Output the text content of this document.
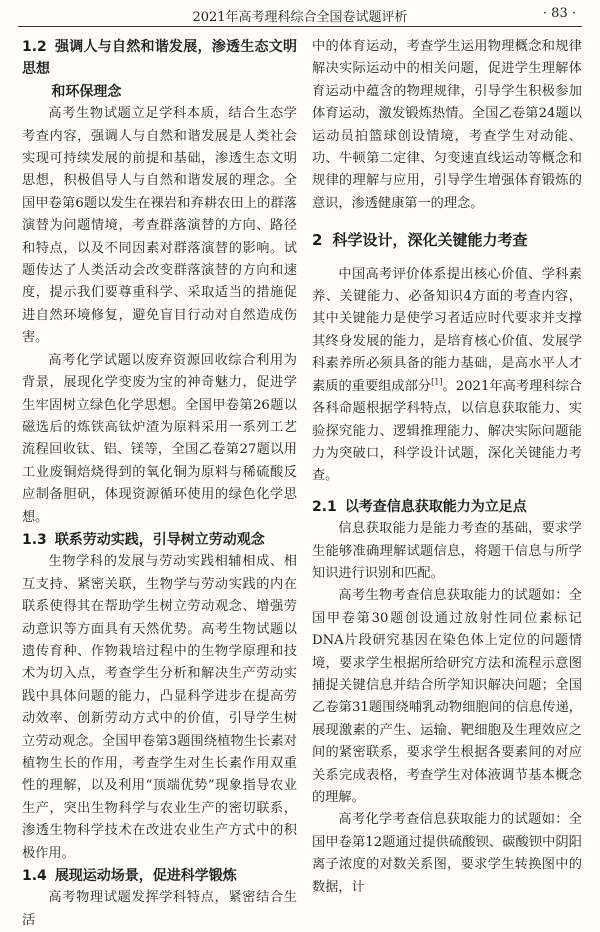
2021年高考理科综合全国卷试题评析	· 83 ·
1.2 强调人与自然和谐发展，渗透生态文明思想
和环保理念

高考生物试题立足学科本质，结合生态学考查内容，强调人与自然和谐发展是人类社会实现可持续发展的前提和基础，渗透生态文明思想，积极倡导人与自然和谐发展的理念。全国甲卷第6题以发生在裸岩和弃耕农田上的群落演替为问题情境，考查群落演替的方向、路径和特点，以及不同因素对群落演替的影响。试题传达了人类活动会改变群落演替的方向和速度，提示我们要尊重科学、采取适当的措施促进自然环境修复，避免盲目行动对自然造成伤害。

高考化学试题以废弃资源回收综合利用为背景，展现化学变废为宝的神奇魅力，促进学生牢固树立绿色化学思想。全国甲卷第26题以磁选后的炼铁高钛炉渣为原料采用一系列工艺流程回收钛、铝、镁等，全国乙卷第27题以用工业废铜焙烧得到的氧化铜为原料与稀硫酸反应制备胆矾，体现资源循环使用的绿色化学思想。

1.3 联系劳动实践，引导树立劳动观念

生物学科的发展与劳动实践相辅相成、相互支持、紧密关联，生物学与劳动实践的内在联系使得其在帮助学生树立劳动观念、增强劳动意识等方面具有天然优势。高考生物试题以遗传育种、作物栽培过程中的生物学原理和技术为切入点，考查学生分析和解决生产劳动实践中具体问题的能力，凸显科学进步在提高劳动效率、创新劳动方式中的价值，引导学生树立劳动观念。全国甲卷第3题围绕植物生长素对植物生长的作用，考查学生对生长素作用双重性的理解，以及利用“顶端优势”现象指导农业生产，突出生物科学与农业生产的密切联系，渗透生物科学技术在改进农业生产方式中的积极作用。

1.4 展现运动场景，促进科学锻炼

高考物理试题发挥学科特点，紧密结合生活

中的体育运动，考查学生运用物理概念和规律解决实际运动中的相关问题，促进学生理解体育运动中蕴含的物理规律，引导学生积极参加体育运动，激发锻炼热情。全国乙卷第24题以运动员拍篮球创设情境，考查学生对动能、功、牛顿第二定律、匀变速直线运动等概念和规律的理解与应用，引导学生增强体育锻炼的意识，渗透健康第一的理念。

2 科学设计，深化关键能力考查

中国高考评价体系提出核心价值、学科素养、关键能力、必备知识4方面的考查内容，其中关键能力是使学习者适应时代要求并支撑其终身发展的能力，是培育核心价值、发展学科素养所必须具备的能力基础，是高水平人才素质的重要组成部分[1]。2021年高考理科综合各科命题根据学科特点，以信息获取能力、实验探究能力、逻辑推理能力、解决实际问题能力为突破口，科学设计试题，深化关键能力考查。

2.1 以考查信息获取能力为立足点

信息获取能力是能力考查的基础，要求学生能够准确理解试题信息，将题干信息与所学知识进行识别和匹配。

高考生物考查信息获取能力的试题如：全国甲卷第30题创设通过放射性同位素标记DNA片段研究基因在染色体上定位的问题情境，要求学生根据所给研究方法和流程示意图捕捉关键信息并结合所学知识解决问题；全国乙卷第31题围绕哺乳动物细胞间的信息传递，展现激素的产生、运输、靶细胞及生理效应之间的紧密联系，要求学生根据各要素间的对应关系完成表格，考查学生对体液调节基本概念的理解。

高考化学考查信息获取能力的试题如：全国甲卷第12题通过提供硫酸钡、碳酸钡中阴阳离子浓度的对数关系图，要求学生转换图中的数据，计
